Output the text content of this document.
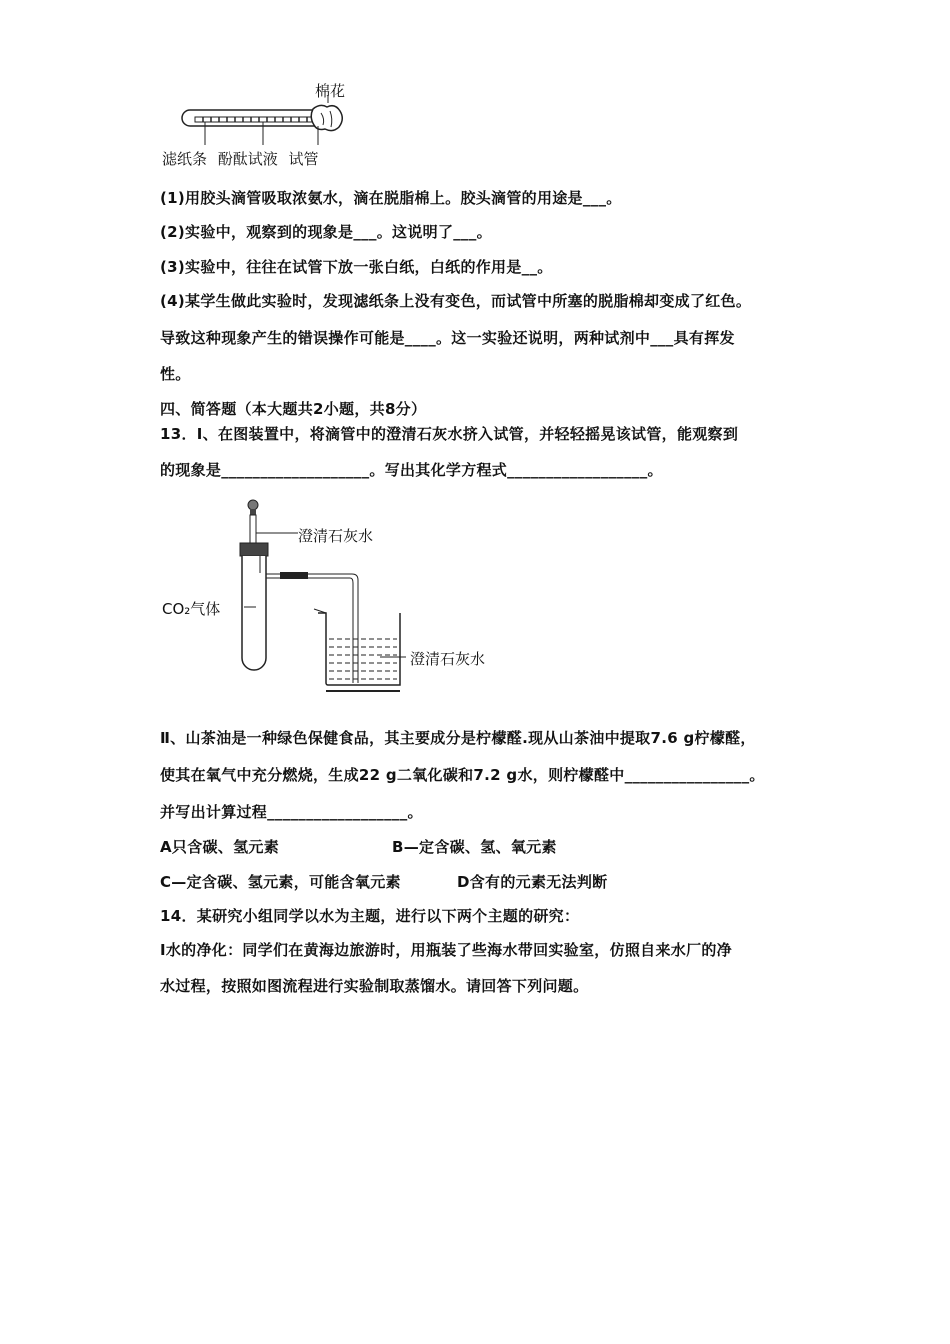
棉花
滤纸条 酚酞试液 试管
(1)用胶头滴管吸取浓氨水，滴在脱脂棉上。胶头滴管的用途是___。
(2)实验中，观察到的现象是___。这说明了___。
(3)实验中，往往在试管下放一张白纸，白纸的作用是__。
(4)某学生做此实验时，发现滤纸条上没有变色，而试管中所塞的脱脂棉却变成了红色。
导致这种现象产生的错误操作可能是____。这一实验还说明，两种试剂中___具有挥发
性。
四、简答题（本大题共2小题，共8分）
13．Ⅰ、在图装置中，将滴管中的澄清石灰水挤入试管，并轻轻摇晃该试管，能观察到
的现象是___________________。写出其化学方程式__________________。
澄清石灰水
CO₂气体
澄清石灰水
Ⅱ、山茶油是一种绿色保健食品，其主要成分是柠檬醛.现从山茶油中提取7.6 g柠檬醛，
使其在氧气中充分燃烧，生成22 g二氧化碳和7.2 g水，则柠檬醛中________________。
并写出计算过程__________________。
A只含碳、氢元素	B—定含碳、氢、氧元素
C—定含碳、氢元素，可能含氧元素	D含有的元素无法判断
14．某研究小组同学以水为主题，进行以下两个主题的研究：
I水的净化：同学们在黄海边旅游时，用瓶装了些海水带回实验室，仿照自来水厂的净
水过程，按照如图流程进行实验制取蒸馏水。请回答下列问题。
